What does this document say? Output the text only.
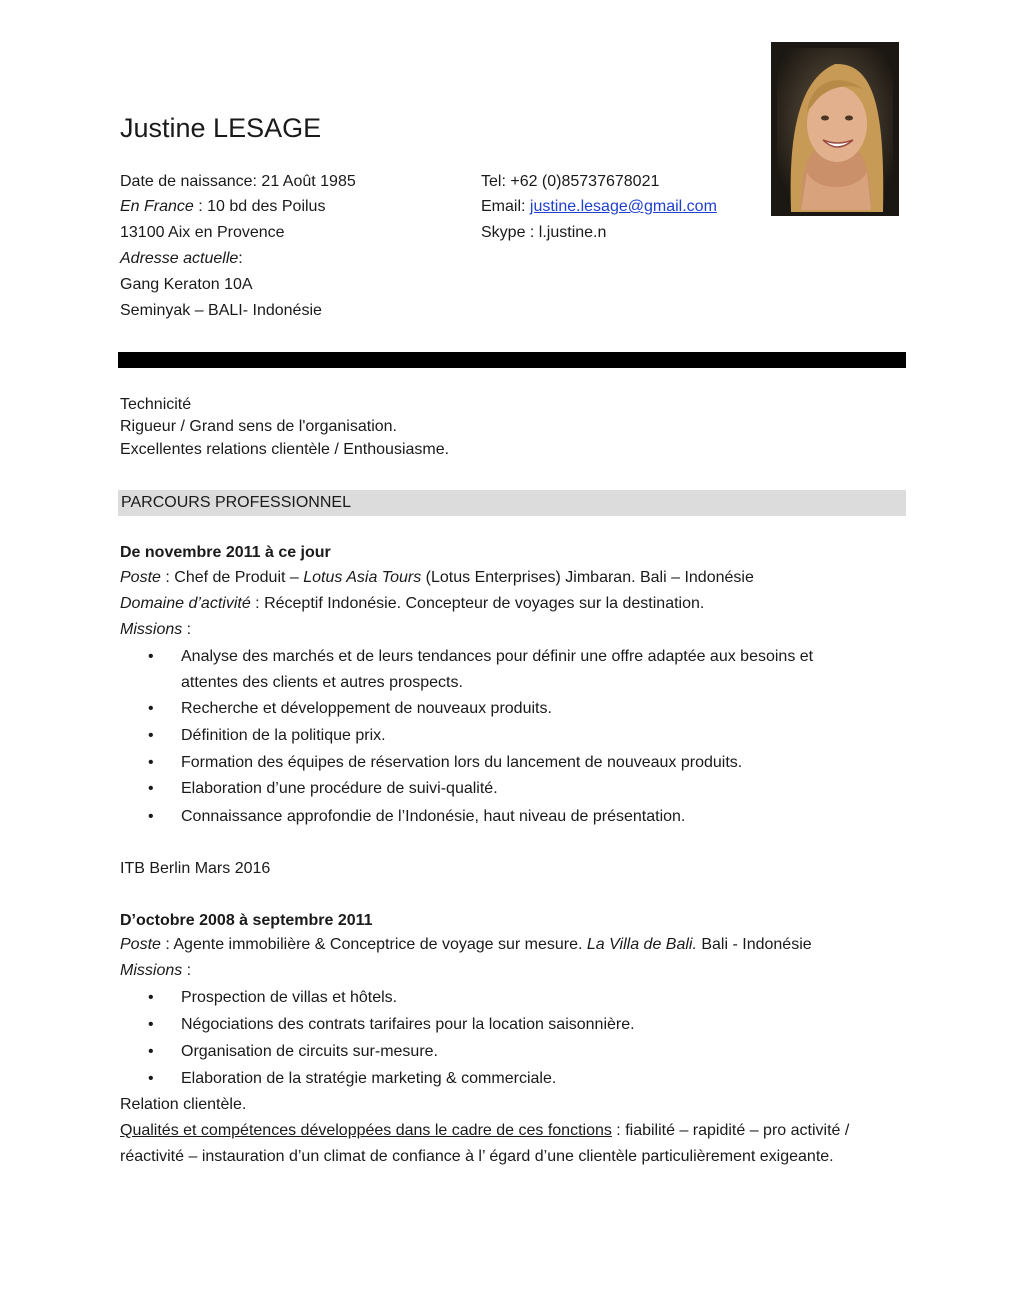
Justine LESAGE
Date de naissance: 21 Août 1985
En France : 10 bd des Poilus
13100 Aix en Provence
Adresse actuelle:
Gang Keraton 10A
Seminyak – BALI- Indonésie
Tel: +62 (0)85737678021
Email: justine.lesage@gmail.com
Skype : l.justine.n
Technicité
Rigueur / Grand sens de l'organisation.
Excellentes relations clientèle / Enthousiasme.
PARCOURS PROFESSIONNEL
De novembre 2011 à ce jour
Poste : Chef de Produit – Lotus Asia Tours (Lotus Enterprises) Jimbaran. Bali – Indonésie
Domaine d’activité : Réceptif Indonésie. Concepteur de voyages sur la destination.
Missions :
• Analyse des marchés et de leurs tendances pour définir une offre adaptée aux besoins et
attentes des clients et autres prospects.
• Recherche et développement de nouveaux produits.
• Définition de la politique prix.
• Formation des équipes de réservation lors du lancement de nouveaux produits.
• Elaboration d’une procédure de suivi-qualité.
• Connaissance approfondie de l’Indonésie, haut niveau de présentation.
ITB Berlin Mars 2016
D’octobre 2008 à septembre 2011
Poste : Agente immobilière & Conceptrice de voyage sur mesure. La Villa de Bali. Bali - Indonésie
Missions :
• Prospection de villas et hôtels.
• Négociations des contrats tarifaires pour la location saisonnière.
• Organisation de circuits sur-mesure.
• Elaboration de la stratégie marketing & commerciale.
Relation clientèle.
Qualités et compétences développées dans le cadre de ces fonctions : fiabilité – rapidité – pro activité /
réactivité – instauration d’un climat de confiance à l’ égard d’une clientèle particulièrement exigeante.
